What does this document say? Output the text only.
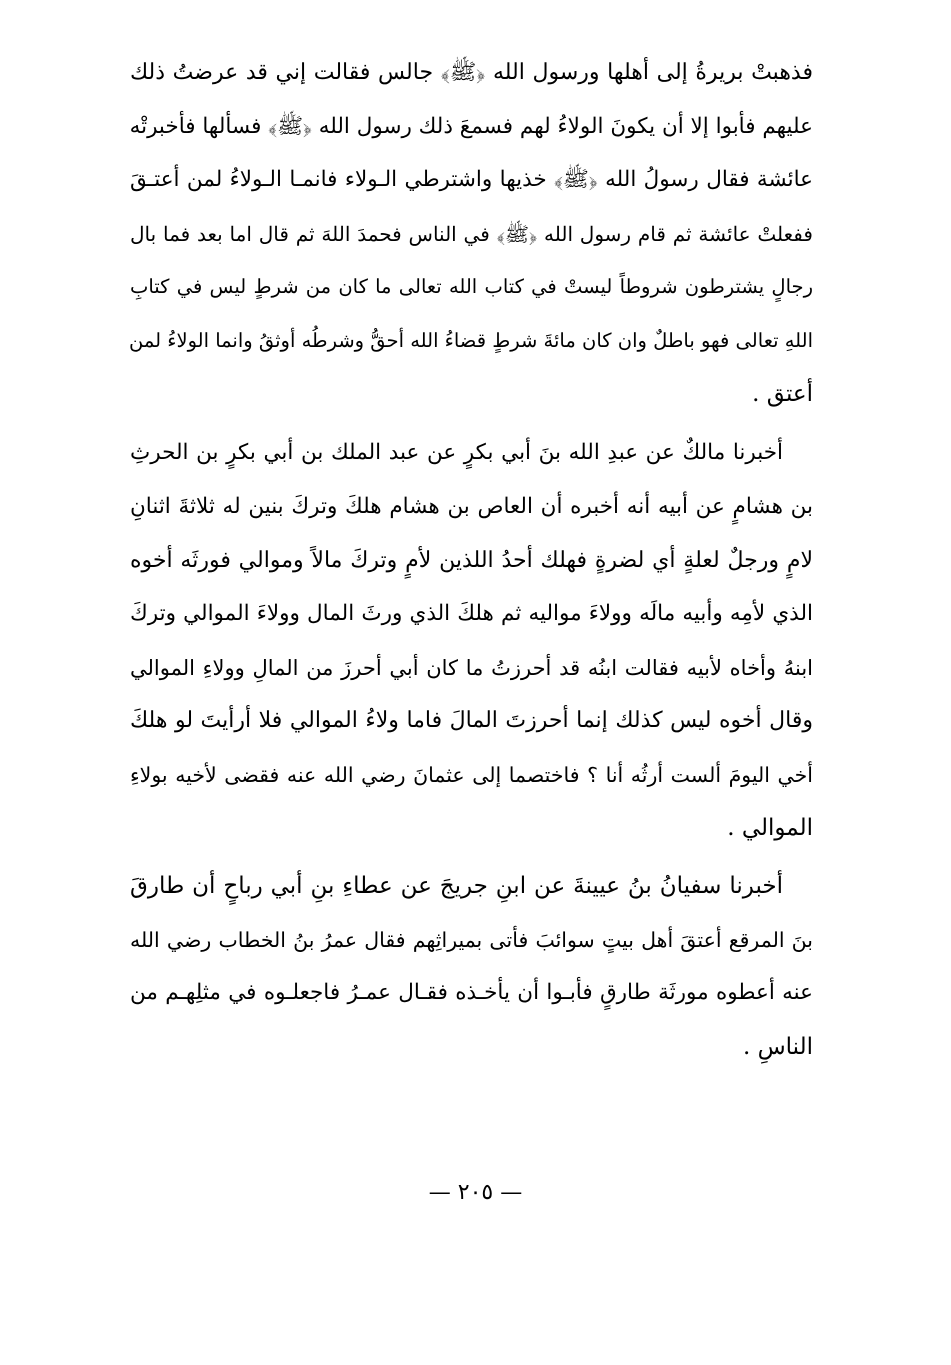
فذهبتْ بريرةُ إلى أهلها ورسول الله ﴿ﷺ﴾ جالس فقالت إني قد عرضتُ ذلك
عليهم فأبوا إلا أن يكونَ الولاءُ لهم فسمعَ ذلك رسول الله ﴿ﷺ﴾ فسألها فأخبرتْه
عائشة فقال رسولُ الله ﴿ﷺ﴾ خذيها واشترطي الـولاء فانمـا الـولاءُ لمن أعتـقَ
ففعلتْ عائشة ثم قام رسول الله ﴿ﷺ﴾ في الناس فحمدَ اللهَ ثم قال اما بعد فما بال
رجالٍ يشترطون شروطاً ليستْ في كتاب الله تعالى ما كان من شرطٍ ليس في كتابِ
اللهِ تعالى فهو باطلٌ وان كان مائةَ شرطٍ قضاءُ الله أحقُّ وشرطُه أوثقُ وانما الولاءُ لمن
أعتق .
أخبرنا مالكٌ عن عبدِ الله بنَ أبي بكرٍ عن عبد الملك بن أبي بكرٍ بن الحرثِ
بن هشامٍ عن أبيه أنه أخبره أن العاص بن هشام هلكَ وتركَ بنين له ثلاثةَ اثنانِ
لامٍ ورجلٌ لعلةٍ أي لضرةٍ فهلك أحدُ اللذين لأمٍ وتركَ مالاً وموالي فورثَه أخوه
الذي لأمِه وأبيه مالَه وولاءَ مواليه ثم هلكَ الذي ورثَ المال وولاءَ الموالي وتركَ
ابنهُ وأخاه لأبيه فقالت ابنُه قد أحرزتُ ما كان أبي أحرزَ من المالِ وولاءِ الموالي
وقال أخوه ليس كذلك إنما أحرزتَ المالَ فاما ولاءُ الموالي فلا أرأيتَ لو هلكَ
أخي اليومَ ألست أرثُه أنا ؟ فاختصما إلى عثمانَ رضي الله عنه فقضى لأخيه بولاءِ
الموالي .
أخبرنا سفيانُ بنُ عيينةَ عن ابنِ جريجَ عن عطاءِ بنِ أبي رباحٍ أن طارقَ
بنَ المرقع أعتقَ أهل بيتٍ سوائبَ فأتى بميراثِهم فقال عمرُ بنُ الخطاب رضي الله
عنه أعطوه مورثَة طارقٍ فأبـوا أن يأخـذه فقـال عمـرُ فاجعلـوه في مثلِهـم من
الناسِ .
— ٢٠٥ —
